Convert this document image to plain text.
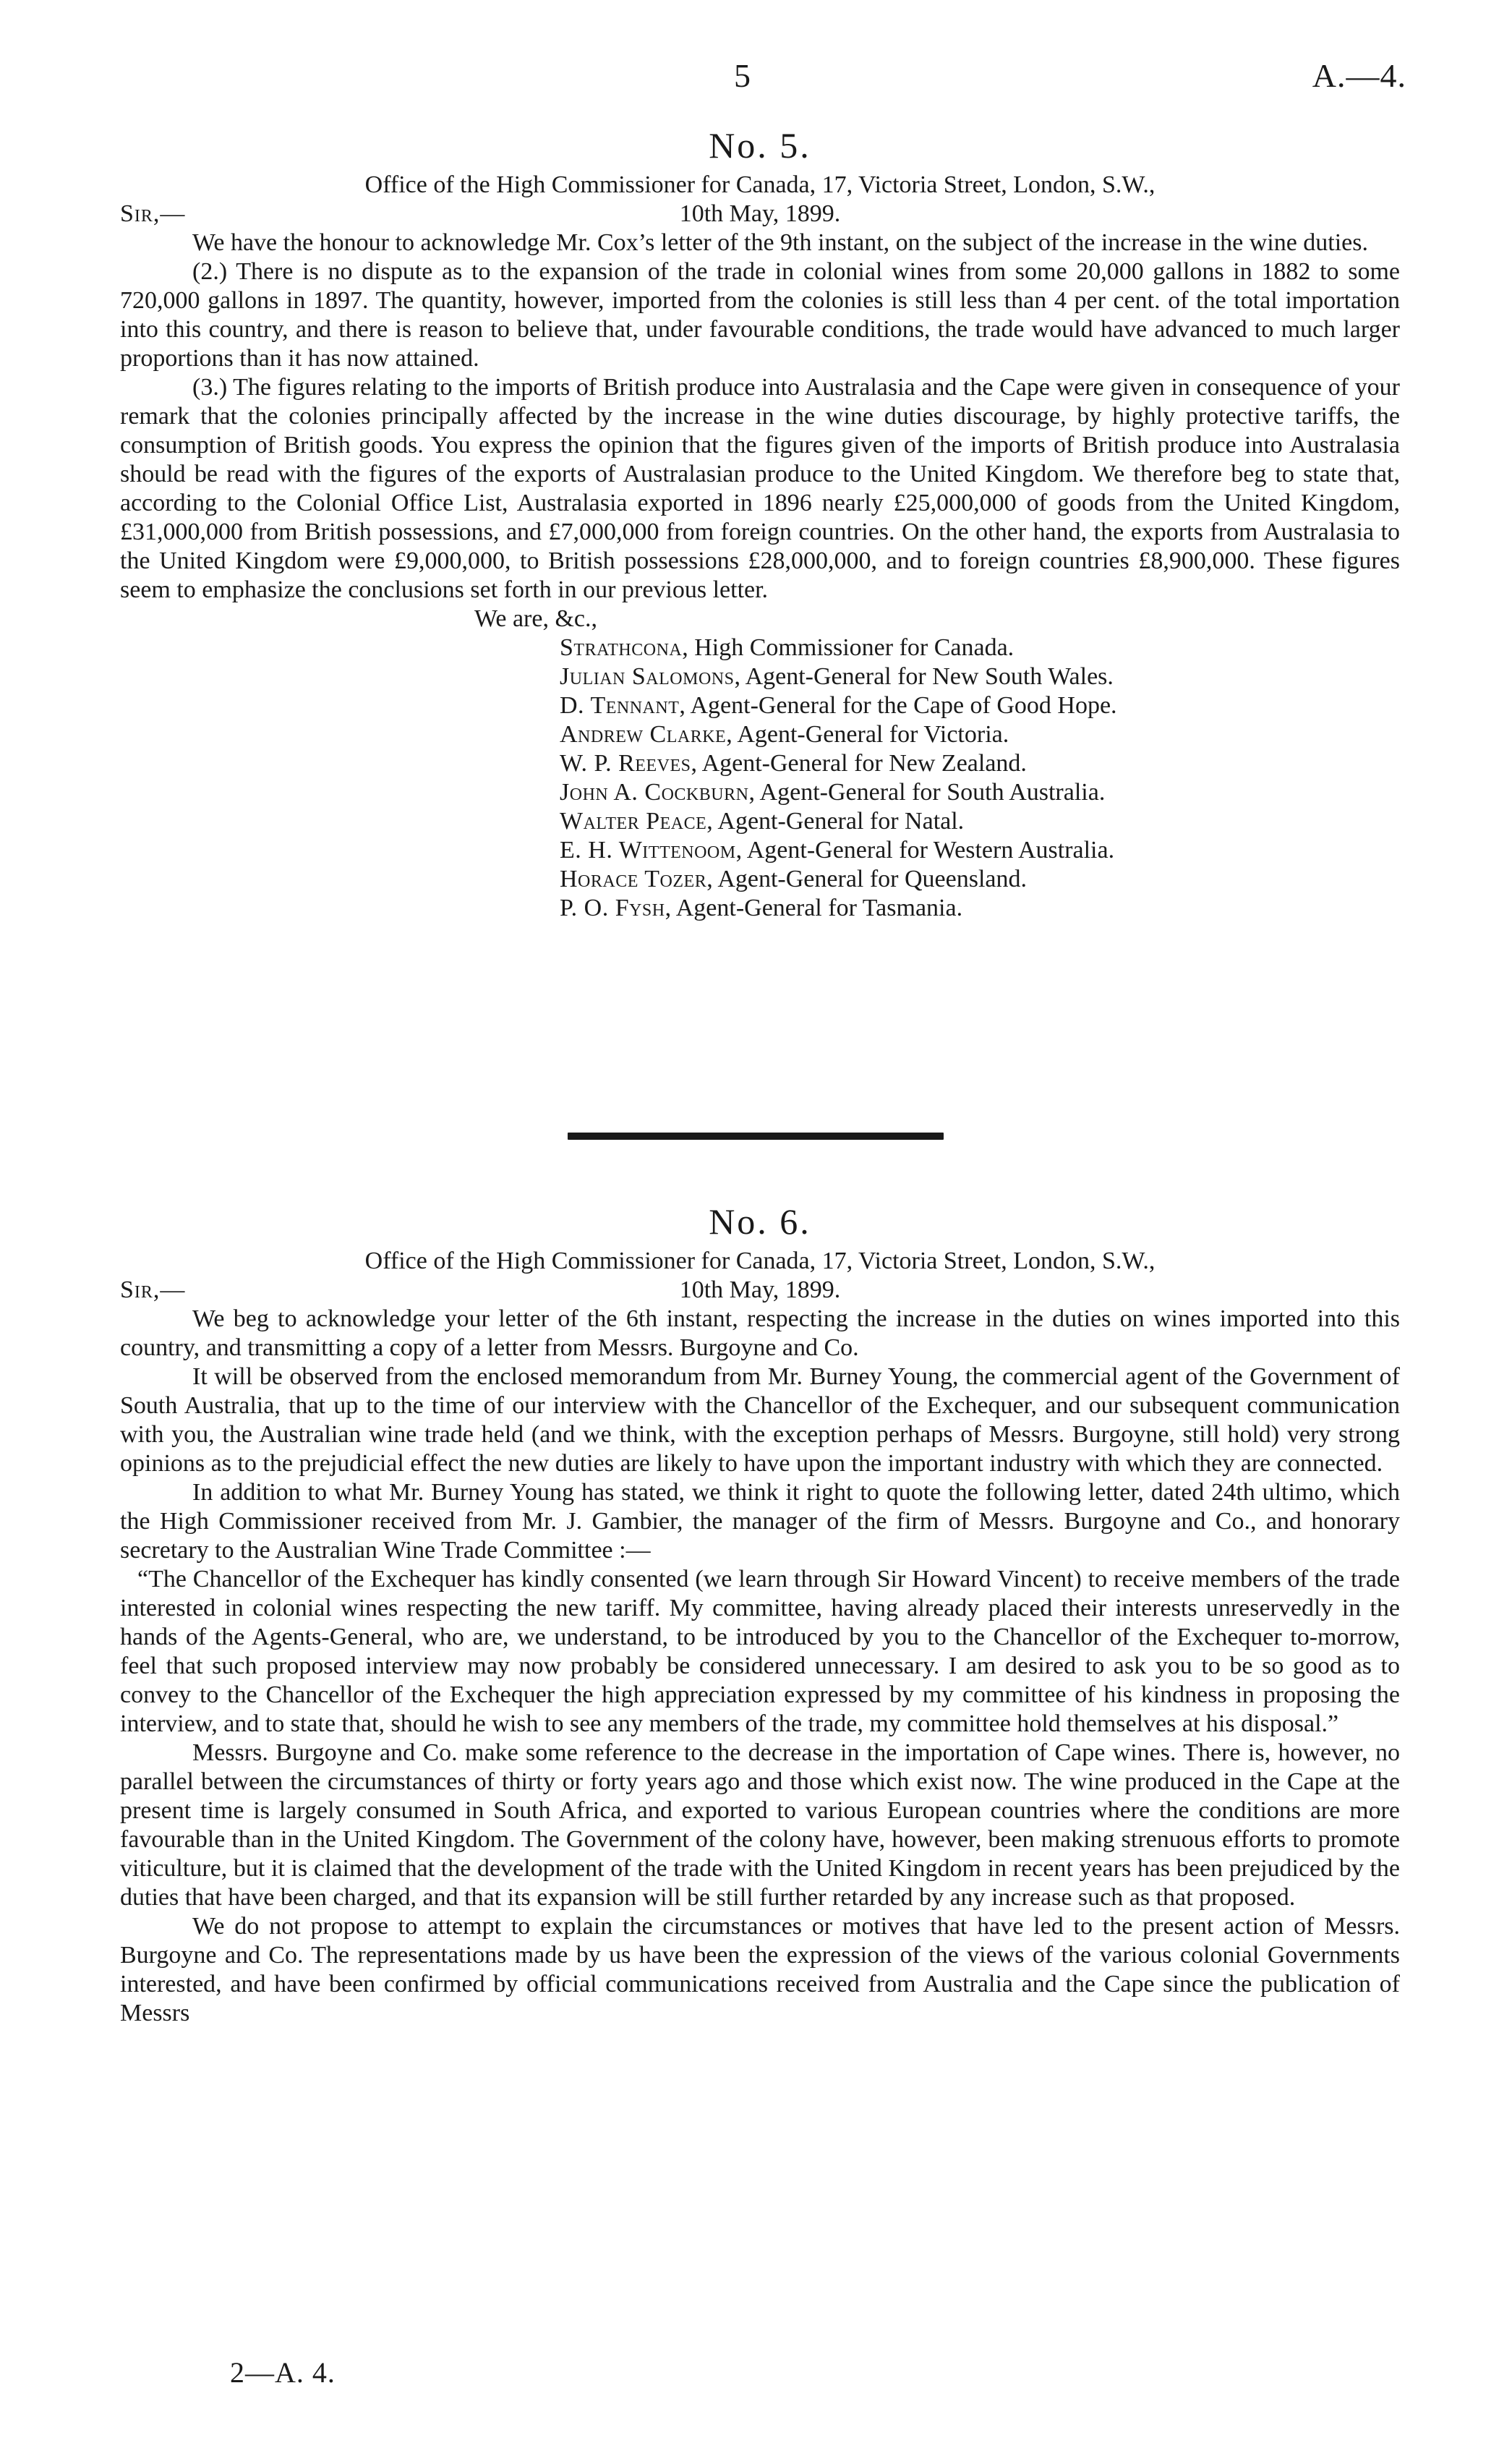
5	A.—4.
No. 5.
Office of the High Commissioner for Canada, 17, Victoria Street, London, S.W.,
Sir,—	10th May, 1899.

We have the honour to acknowledge Mr. Cox’s letter of the 9th instant, on the subject of the increase in the wine duties.

(2.) There is no dispute as to the expansion of the trade in colonial wines from some 20,000 gallons in 1882 to some 720,000 gallons in 1897. The quantity, however, imported from the colonies is still less than 4 per cent. of the total importation into this country, and there is reason to believe that, under favourable conditions, the trade would have advanced to much larger proportions than it has now attained.

(3.) The figures relating to the imports of British produce into Australasia and the Cape were given in consequence of your remark that the colonies principally affected by the increase in the wine duties discourage, by highly protective tariffs, the consumption of British goods. You express the opinion that the figures given of the imports of British produce into Australasia should be read with the figures of the exports of Australasian produce to the United Kingdom. We therefore beg to state that, according to the Colonial Office List, Australasia exported in 1896 nearly £25,000,000 of goods from the United Kingdom, £31,000,000 from British possessions, and £7,000,000 from foreign countries. On the other hand, the exports from Australasia to the United Kingdom were £9,000,000, to British possessions £28,000,000, and to foreign countries £8,900,000. These figures seem to emphasize the conclusions set forth in our previous letter.

We are, &c.,
Strathcona, High Commissioner for Canada.
Julian Salomons, Agent-General for New South Wales.
D. Tennant, Agent-General for the Cape of Good Hope.
Andrew Clarke, Agent-General for Victoria.
W. P. Reeves, Agent-General for New Zealand.
John A. Cockburn, Agent-General for South Australia.
Walter Peace, Agent-General for Natal.
E. H. Wittenoom, Agent-General for Western Australia.
Horace Tozer, Agent-General for Queensland.
P. O. Fysh, Agent-General for Tasmania.
No. 6.
Office of the High Commissioner for Canada, 17, Victoria Street, London, S.W.,
Sir,—	10th May, 1899.

We beg to acknowledge your letter of the 6th instant, respecting the increase in the duties on wines imported into this country, and transmitting a copy of a letter from Messrs. Burgoyne and Co.

It will be observed from the enclosed memorandum from Mr. Burney Young, the commercial agent of the Government of South Australia, that up to the time of our interview with the Chancellor of the Exchequer, and our subsequent communication with you, the Australian wine trade held (and we think, with the exception perhaps of Messrs. Burgoyne, still hold) very strong opinions as to the prejudicial effect the new duties are likely to have upon the important industry with which they are connected.

In addition to what Mr. Burney Young has stated, we think it right to quote the following letter, dated 24th ultimo, which the High Commissioner received from Mr. J. Gambier, the manager of the firm of Messrs. Burgoyne and Co., and honorary secretary to the Australian Wine Trade Committee :—

“The Chancellor of the Exchequer has kindly consented (we learn through Sir Howard Vincent) to receive members of the trade interested in colonial wines respecting the new tariff. My committee, having already placed their interests unreservedly in the hands of the Agents-General, who are, we understand, to be introduced by you to the Chancellor of the Exchequer to-morrow, feel that such proposed interview may now probably be considered unnecessary. I am desired to ask you to be so good as to convey to the Chancellor of the Exchequer the high appreciation expressed by my committee of his kindness in proposing the interview, and to state that, should he wish to see any members of the trade, my committee hold themselves at his disposal.”

Messrs. Burgoyne and Co. make some reference to the decrease in the importation of Cape wines. There is, however, no parallel between the circumstances of thirty or forty years ago and those which exist now. The wine produced in the Cape at the present time is largely consumed in South Africa, and exported to various European countries where the conditions are more favourable than in the United Kingdom. The Government of the colony have, however, been making strenuous efforts to promote viticulture, but it is claimed that the development of the trade with the United Kingdom in recent years has been prejudiced by the duties that have been charged, and that its expansion will be still further retarded by any increase such as that proposed.

We do not propose to attempt to explain the circumstances or motives that have led to the present action of Messrs. Burgoyne and Co. The representations made by us have been the expression of the views of the various colonial Governments interested, and have been confirmed by official communications received from Australia and the Cape since the publication of Messrs

2—A. 4.
